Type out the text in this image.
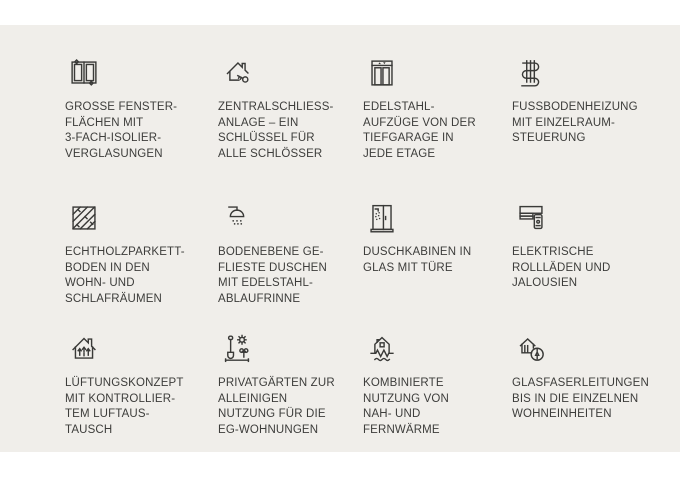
GROSSE FENSTER-
FLÄCHEN MIT
3-FACH-ISOLIER-
VERGLASUNGEN
ZENTRALSCHLIESS-
ANLAGE – EIN
SCHLÜSSEL FÜR
ALLE SCHLÖSSER
EDELSTAHL-
AUFZÜGE VON DER
TIEFGARAGE IN
JEDE ETAGE
FUSSBODENHEIZUNG
MIT EINZELRAUM-
STEUERUNG
ECHTHOLZPARKETT-
BODEN IN DEN
WOHN- UND
SCHLAFRÄUMEN
BODENEBENE GE-
FLIESTE DUSCHEN
MIT EDELSTAHL-
ABLAUFRINNE
DUSCHKABINEN IN
GLAS MIT TÜRE
ELEKTRISCHE
ROLLLÄDEN UND
JALOUSIEN
LÜFTUNGSKONZEPT
MIT KONTROLLIER-
TEM LUFTAUS-
TAUSCH
PRIVATGÄRTEN ZUR
ALLEINIGEN
NUTZUNG FÜR DIE
EG-WOHNUNGEN
KOMBINIERTE
NUTZUNG VON
NAH- UND
FERNWÄRME
GLASFASERLEITUNGEN
BIS IN DIE EINZELNEN
WOHNEINHEITEN
